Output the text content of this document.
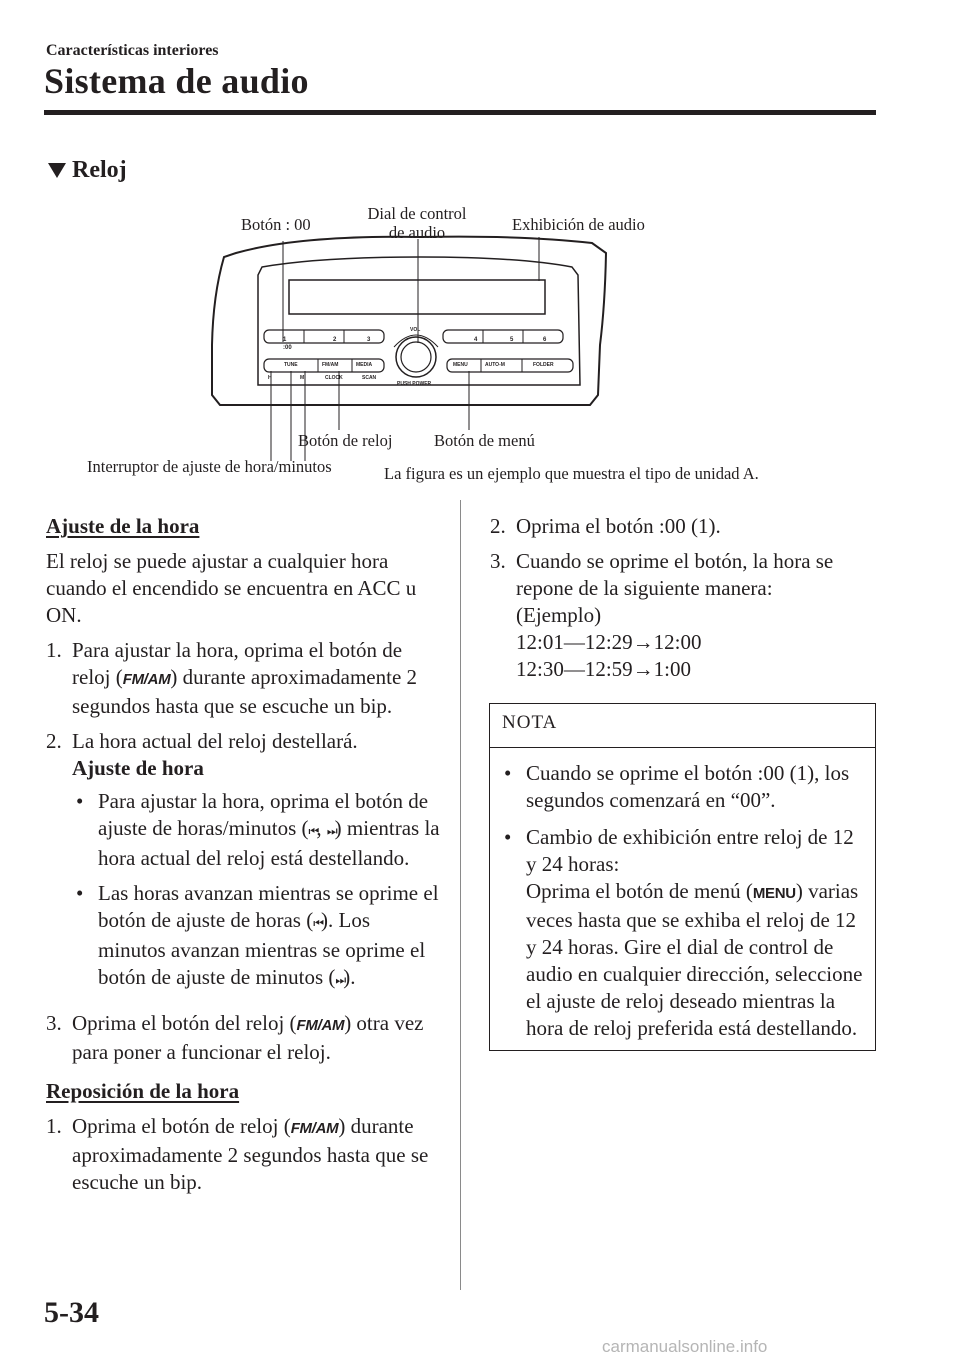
Características interiores
Sistema de audio
Reloj
1	2	3
:00
4	5	6
VOL
PUSH POWER
TUNE	FM/AM	MEDIA	MENU	AUTO-M	FOLDER
H	M	CLOCK	SCAN
Botón : 00
Dial de control de audio	Exhibición de audio
Botón de reloj	Botón de menú
Interruptor de ajuste de hora/minutos	La figura es un ejemplo que muestra el tipo de unidad A.
Ajuste de la hora
El reloj se puede ajustar a cualquier hora cuando el encendido se encuentra en ACC u ON.
1. Para ajustar la hora, oprima el botón de reloj (FM/AM) durante aproximadamente 2 segundos hasta que se escuche un bip.
2. La hora actual del reloj destellará.
Ajuste de hora
• Para ajustar la hora, oprima el botón de ajuste de horas/minutos (⏮, ⏭) mientras la hora actual del reloj está destellando.
• Las horas avanzan mientras se oprime el botón de ajuste de horas (⏮). Los minutos avanzan mientras se oprime el botón de ajuste de minutos (⏭).
3. Oprima el botón del reloj (FM/AM) otra vez para poner a funcionar el reloj.
Reposición de la hora
1. Oprima el botón de reloj (FM/AM) durante aproximadamente 2 segundos hasta que se escuche un bip.
2. Oprima el botón :00 (1).
3. Cuando se oprime el botón, la hora se repone de la siguiente manera:
(Ejemplo)
12:01―12:29→12:00
12:30―12:59→1:00
NOTA
• Cuando se oprime el botón :00 (1), los segundos comenzará en “00”.
• Cambio de exhibición entre reloj de 12 y 24 horas:
Oprima el botón de menú (MENU) varias veces hasta que se exhiba el reloj de 12 y 24 horas. Gire el dial de control de audio en cualquier dirección, seleccione el ajuste de reloj deseado mientras la hora de reloj preferida está destellando.
5-34
carmanualsonline.info
